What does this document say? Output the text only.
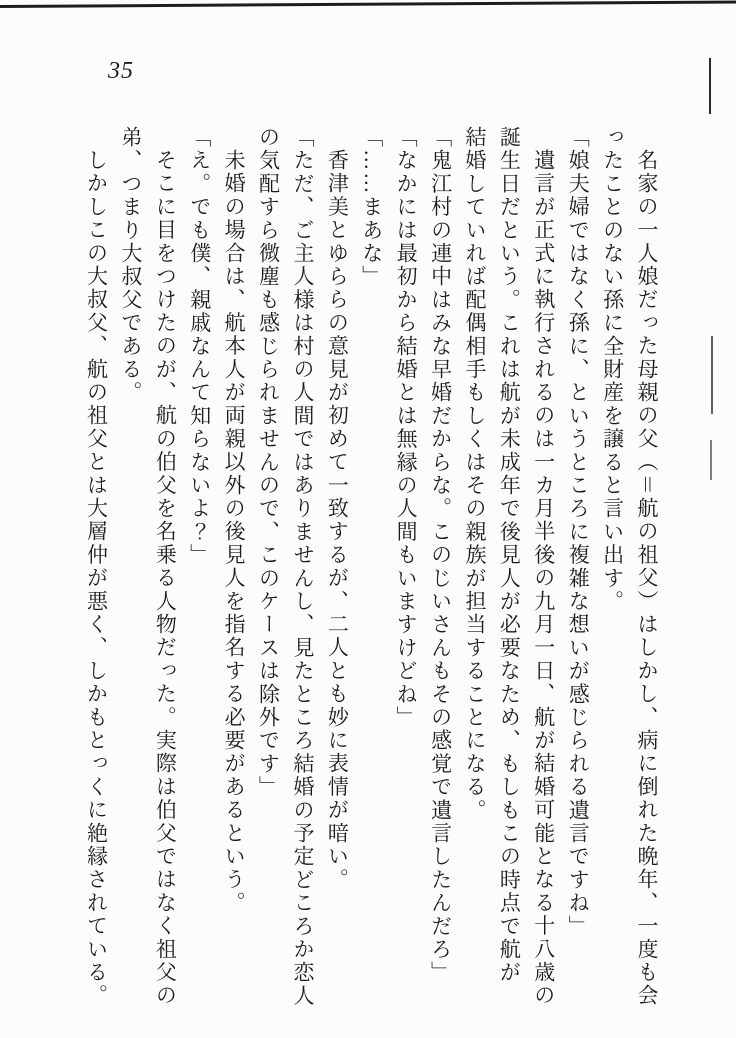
35
名家の一人娘だった母親の父（＝航の祖父）はしかし、病に倒れた晩年、一度も会
ったことのない孫に全財産を譲ると言い出す。
「娘夫婦ではなく孫に、というところに複雑な想いが感じられる遺言ですね」
遺言が正式に執行されるのは一カ月半後の九月一日、航が結婚可能となる十八歳の
誕生日だという。これは航が未成年で後見人が必要なため、もしもこの時点で航が
結婚していれば配偶相手もしくはその親族が担当することになる。
「鬼江村の連中はみな早婚だからな。このじいさんもその感覚で遺言したんだろ」
「なかには最初から結婚とは無縁の人間もいますけどね」
「……まあな」
香津美とゆららの意見が初めて一致するが、二人とも妙に表情が暗い。
「ただ、ご主人様は村の人間ではありませんし、見たところ結婚の予定どころか恋人
の気配すら微塵も感じられませんので、このケースは除外です」
未婚の場合は、航本人が両親以外の後見人を指名する必要があるという。
「え。でも僕、親戚なんて知らないよ？」
そこに目をつけたのが、航の伯父を名乗る人物だった。実際は伯父ではなく祖父の
弟、つまり大叔父である。
しかしこの大叔父、航の祖父とは大層仲が悪く、しかもとっくに絶縁されている。
